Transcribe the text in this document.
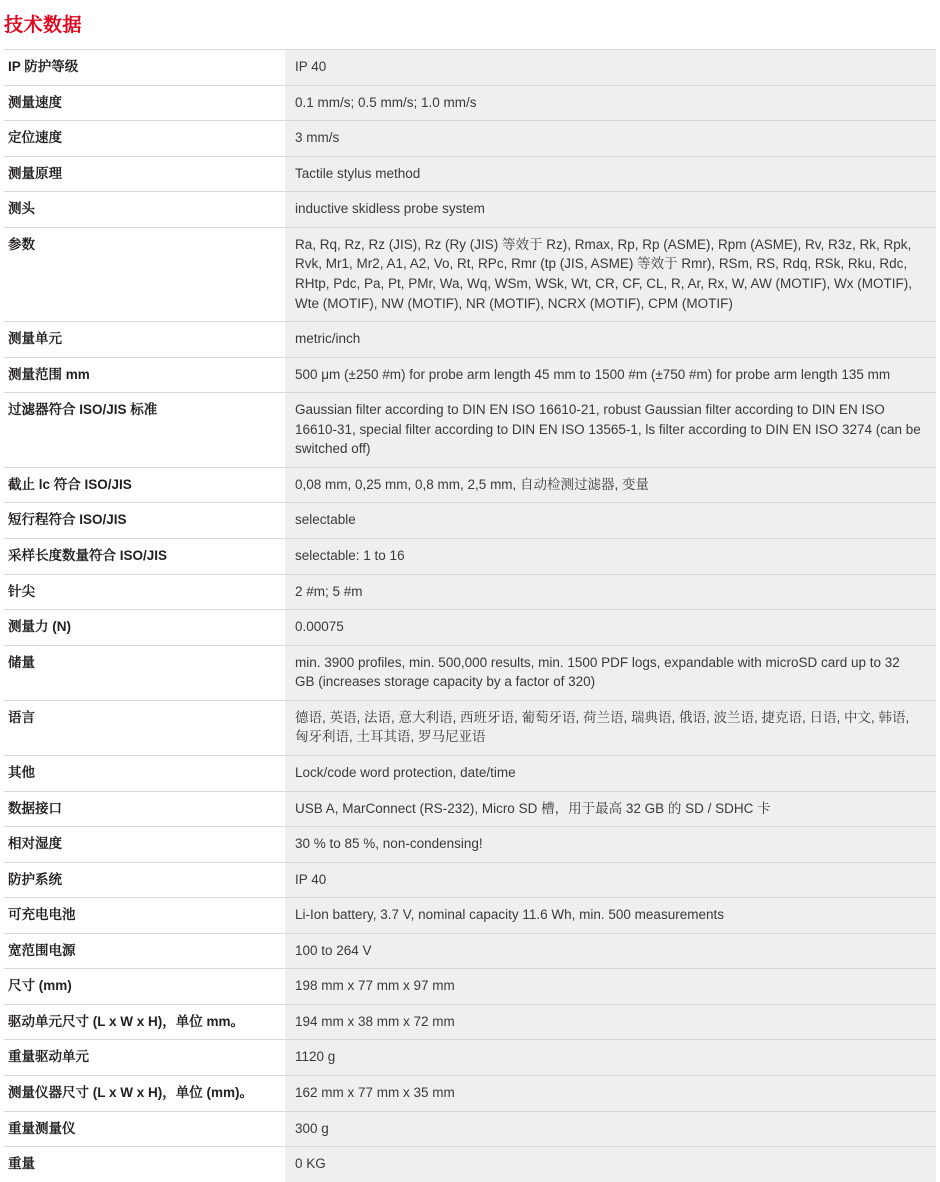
技术数据
IP 防护等级	IP 40
测量速度	0.1 mm/s; 0.5 mm/s; 1.0 mm/s
定位速度	3 mm/s
测量原理	Tactile stylus method
测头	inductive skidless probe system
参数	Ra, Rq, Rz, Rz (JIS), Rz (Ry (JIS) 等效于 Rz), Rmax, Rp, Rp (ASME), Rpm (ASME), Rv, R3z, Rk, Rpk, Rvk, Mr1, Mr2, A1, A2, Vo, Rt, RPc, Rmr (tp (JIS, ASME) 等效于 Rmr), RSm, RS, Rdq, RSk, Rku, Rdc, RHtp, Pdc, Pa, Pt, PMr, Wa, Wq, WSm, WSk, Wt, CR, CF, CL, R, Ar, Rx, W, AW (MOTIF), Wx (MOTIF), Wte (MOTIF), NW (MOTIF), NR (MOTIF), NCRX (MOTIF), CPM (MOTIF)
测量单元	metric/inch
测量范围 mm	500 μm (±250 #m) for probe arm length 45 mm to 1500 #m (±750 #m) for probe arm length 135 mm
过滤器符合 ISO/JIS 标准	Gaussian filter according to DIN EN ISO 16610-21, robust Gaussian filter according to DIN EN ISO 16610-31, special filter according to DIN EN ISO 13565-1, ls filter according to DIN EN ISO 3274 (can be switched off)
截止 lc 符合 ISO/JIS	0,08 mm, 0,25 mm, 0,8 mm, 2,5 mm, 自动检测过滤器, 变量
短行程符合 ISO/JIS	selectable
采样长度数量符合 ISO/JIS	selectable: 1 to 16
针尖	2 #m; 5 #m
测量力 (N)	0.00075
储量	min. 3900 profiles, min. 500,000 results, min. 1500 PDF logs, expandable with microSD card up to 32 GB (increases storage capacity by a factor of 320)
语言	德语, 英语, 法语, 意大利语, 西班牙语, 葡萄牙语, 荷兰语, 瑞典语, 俄语, 波兰语, 捷克语, 日语, 中文, 韩语, 匈牙利语, 土耳其语, 罗马尼亚语
其他	Lock/code word protection, date/time
数据接口	USB A, MarConnect (RS-232), Micro SD 槽，用于最高 32 GB 的 SD / SDHC 卡
相对湿度	30 % to 85 %, non-condensing!
防护系统	IP 40
可充电电池	Li-Ion battery, 3.7 V, nominal capacity 11.6 Wh, min. 500 measurements
宽范围电源	100 to 264 V
尺寸 (mm)	198 mm x 77 mm x 97 mm
驱动单元尺寸 (L x W x H)，单位 mm。	194 mm x 38 mm x 72 mm
重量驱动单元	1120 g
测量仪器尺寸 (L x W x H)，单位 (mm)。	162 mm x 77 mm x 35 mm
重量测量仪	300 g
重量	0 KG
